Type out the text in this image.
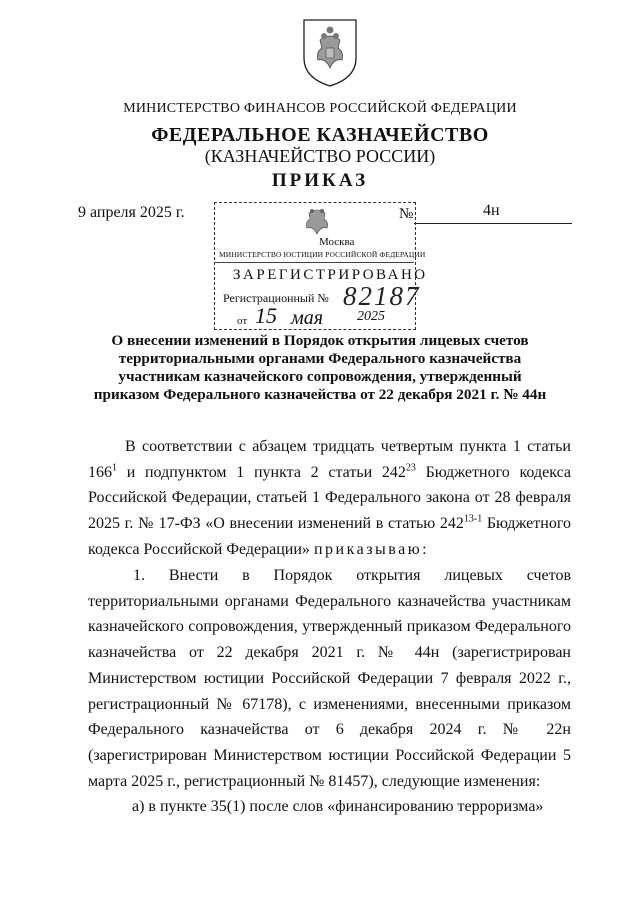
МИНИСТЕРСТВО ФИНАНСОВ РОССИЙСКОЙ ФЕДЕРАЦИИ
ФЕДЕРАЛЬНОЕ КАЗНАЧЕЙСТВО
(КАЗНАЧЕЙСТВО РОССИИ)
ПРИКАЗ
9 апреля 2025 г.	№	4н
Москва
МИНИСТЕРСТВО ЮСТИЦИИ РОССИЙСКОЙ ФЕДЕРАЦИИ
ЗАРЕГИСТРИРОВАНО
Регистрационный № 82187
от 15 мая 2025
О внесении изменений в Порядок открытия лицевых счетов территориальными органами Федерального казначейства участникам казначейского сопровождения, утвержденный приказом Федерального казначейства от 22 декабря 2021 г. № 44н
В соответствии с абзацем тридцать четвертым пункта 1 статьи $166^1$ и подпунктом 1 пункта 2 статьи $242^{23}$ Бюджетного кодекса Российской Федерации, статьей 1 Федерального закона от 28 февраля 2025 г. № 17-ФЗ «О внесении изменений в статью 242$^{13-1}$ Бюджетного кодекса Российской Федерации» приказываю:
1. Внести в Порядок открытия лицевых счетов территориальными органами Федерального казначейства участникам казначейского сопровождения, утвержденный приказом Федерального казначейства от 22 декабря 2021 г. № 44н (зарегистрирован Министерством юстиции Российской Федерации 7 февраля 2022 г., регистрационный № 67178), с изменениями, внесенными приказом Федерального казначейства от 6 декабря 2024 г. № 22н (зарегистрирован Министерством юстиции Российской Федерации 5 марта 2025 г., регистрационный № 81457), следующие изменения:
а) в пункте 35(1) после слов «финансированию терроризма»
